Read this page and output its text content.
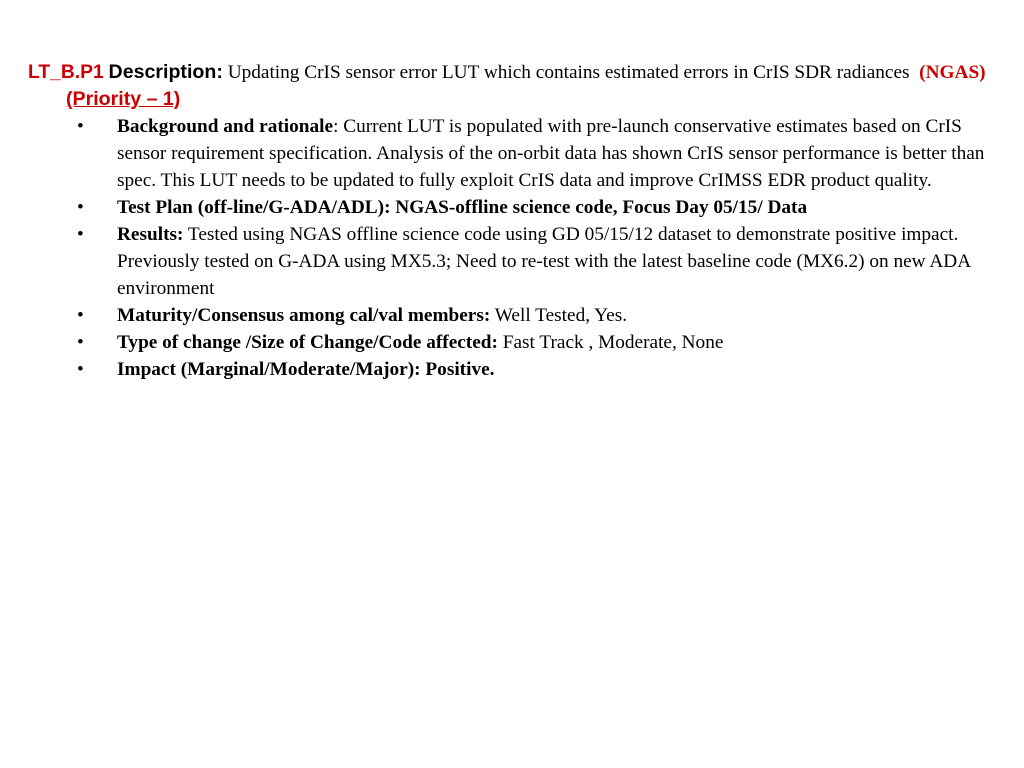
LT_B.P1 Description: Updating CrIS sensor error LUT which contains estimated errors in CrIS SDR radiances (NGAS) (Priority – 1)

• Background and rationale: Current LUT is populated with pre-launch conservative estimates based on CrIS sensor requirement specification. Analysis of the on-orbit data has shown CrIS sensor performance is better than spec. This LUT needs to be updated to fully exploit CrIS data and improve CrIMSS EDR product quality.
• Test Plan (off-line/G-ADA/ADL): NGAS-offline science code, Focus Day 05/15/ Data
• Results: Tested using NGAS offline science code using GD 05/15/12 dataset to demonstrate positive impact. Previously tested on G-ADA using MX5.3; Need to re-test with the latest baseline code (MX6.2) on new ADA environment
• Maturity/Consensus among cal/val members: Well Tested, Yes.
• Type of change /Size of Change/Code affected: Fast Track , Moderate, None
• Impact (Marginal/Moderate/Major): Positive.
